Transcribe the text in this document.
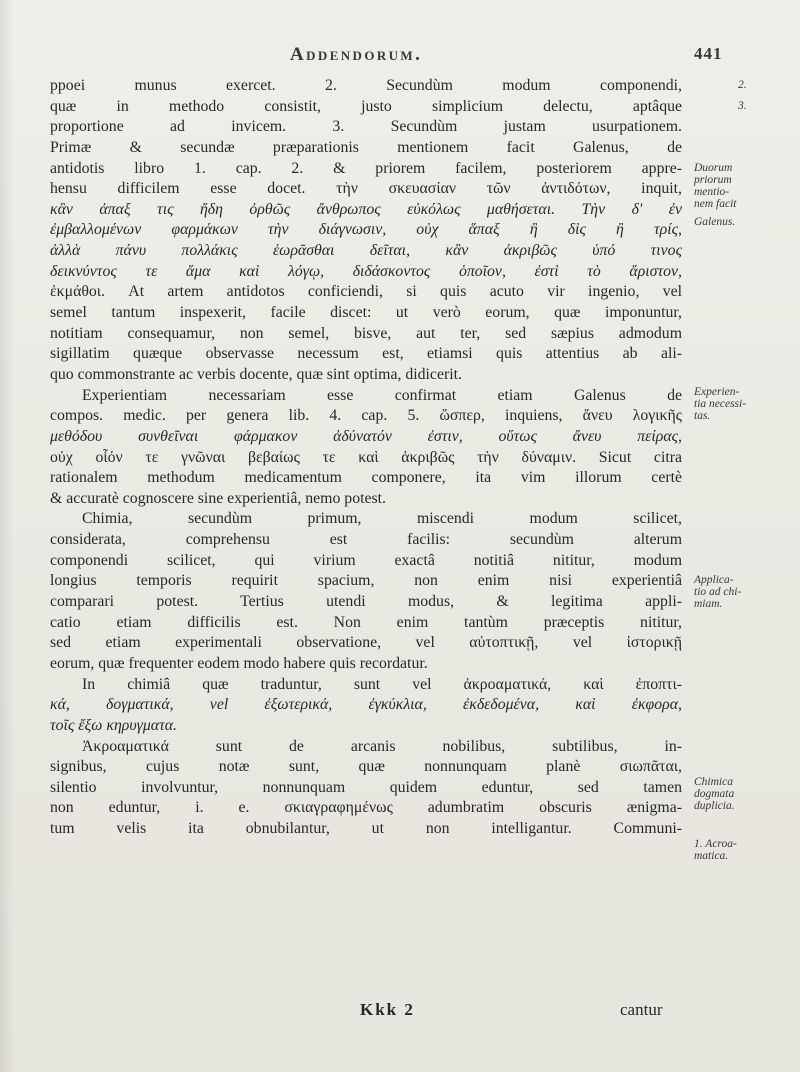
Addendorum.	441
ppoei munus exercet. 2. Secundùm modum componendi,
quæ in methodo consistit, justo simplicium delectu, aptâque
proportione ad invicem. 3. Secundùm justam usurpationem.
Primæ & secundæ præparationis mentionem facit Galenus, de
antidotis libro 1. cap. 2. & priorem facilem, posteriorem appre-
hensu difficilem esse docet. τὴν σκευασίαν τῶν ἀντιδότων, inquit,
κἂν ἀπαξ τις ἤδη ὀρθῶς ἄνθρωπος εὐκόλως μαθήσεται. Τὴν δ' ἐν
ἐμβαλλομένων φαρμάκων τὴν διάγνωσιν, οὐχ ἅπαξ ἢ δὶς ἢ τρίς,
ἀλλὰ πάνυ πολλάκις ἑωρᾶσθαι δεῖται, κἂν ἀκριβῶς ὑπό τινος
δεικνύντος τε ἅμα καὶ λόγῳ, διδάσκοντος ὁποῖον, ἐστὶ τὸ ἄριστον,
ἐκμάθοι. At artem antidotos conficiendi, si quis acuto vir ingenio, vel
semel tantum inspexerit, facile discet: ut verò eorum, quæ imponuntur,
notitiam consequamur, non semel, bisve, aut ter, sed sæpius admodum
sigillatim quæque observasse necessum est, etiamsi quis attentius ab ali-
quo commonstrante ac verbis docente, quæ sint optima, didicerit.
Experientiam necessariam esse confirmat etiam Galenus de
compos. medic. per genera lib. 4. cap. 5. ὥσπερ, inquiens, ἄνευ λογικῆς
μεθόδου συνθεῖναι φάρμακον ἀδύνατόν ἐστιν, οὕτως ἄνευ πείρας,
οὐχ οἷόν τε γνῶναι βεβαίως τε καὶ ἀκριβῶς τὴν δύναμιν. Sicut citra
rationalem methodum medicamentum componere, ita vim illorum certè
& accuratè cognoscere sine experientiâ, nemo potest.
Chimia, secundùm primum, miscendi modum scilicet,
considerata, comprehensu est facilis: secundùm alterum
componendi scilicet, qui virium exactâ notitiâ nititur, modum
longius temporis requirit spacium, non enim nisi experientiâ
comparari potest. Tertius utendi modus, & legitima appli-
catio etiam difficilis est. Non enim tantùm præceptis nititur,
sed etiam experimentali observatione, vel αὐτοπτικῇ, vel ἱστορικῇ
eorum, quæ frequenter eodem modo habere quis recordatur.
In chimiâ quæ traduntur, sunt vel ἀκροαματικά, καὶ ἐποπτι-
κά, δογματικά, vel ἐξωτερικά, ἐγκύκλια, ἐκδεδομένα, καὶ ἐκφορα,
τοῖς ἔξω κηρυγματα.
Ἀκροαματικά sunt de arcanis nobilibus, subtilibus, in-
signibus, cujus notæ sunt, quæ nonnunquam planè σιωπᾶται,
silentio involvuntur, nonnunquam quidem eduntur, sed tamen
non eduntur, i. e. σκιαγραφημένως adumbratim obscuris ænigma-
tum velis ita obnubilantur, ut non intelligantur. Communi-
2.
3.
Duorum
priorum
mentio-
nem facit
Galenus.
Experien-
tia necessi-
tas.
Applica-
tio ad chi-
miam.
Chimica
dogmata
duplicia.
1. Acroa-
matica.
Kkk 2	cantur
